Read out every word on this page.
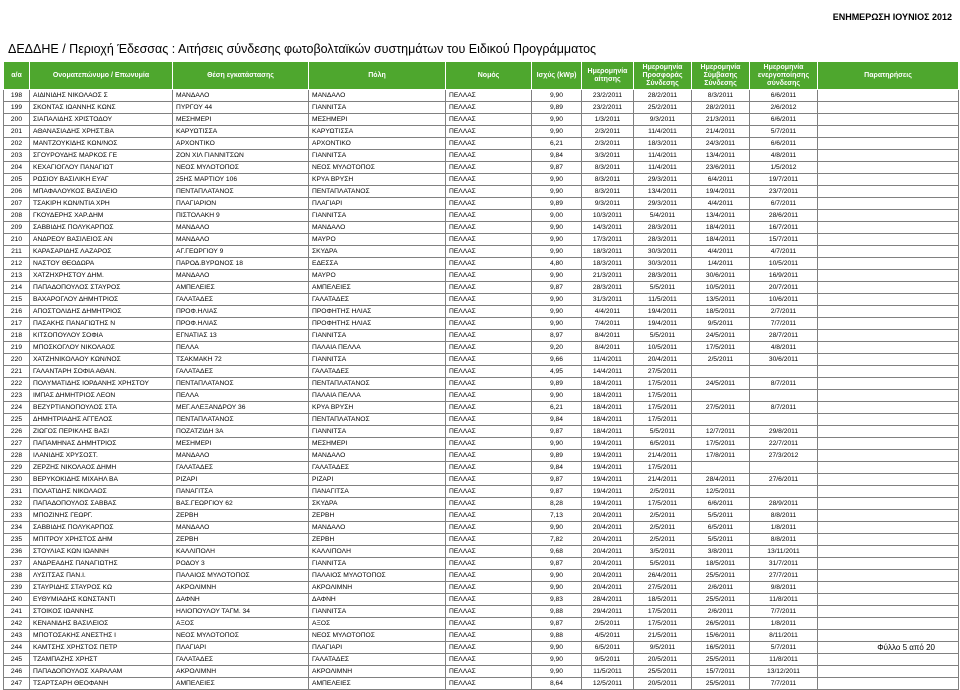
ΕΝΗΜΕΡΩΣΗ ΙΟΥΝΙΟΣ 2012
ΔΕΔΔΗΕ / Περιοχή Έδεσσας : Αιτήσεις σύνδεσης φωτοβολταϊκών συστημάτων του Ειδικού Προγράμματος
α/α	Ονοματεπώνυμο / Επωνυμία	Θέση εγκατάστασης	Πόλη	Νομός	Ισχύς (kWp)	Ημερομηνία αίτησης	Ημερομηνία Προσφοράς Σύνδεσης	Ημερομηνία Σύμβασης Σύνδεσης	Ημερομηνία ενεργοποίησης σύνδεσης	Παρατηρήσεις
198	ΑΙΔΙΝΙΔΗΣ ΝΙΚΟΛΑΟΣ Σ	ΜΑΝΔΑΛΟ	ΜΑΝΔΑΛΟ	ΠΕΛΛΑΣ	9,90	23/2/2011	28/2/2011	8/3/2011	6/6/2011	
199	ΣΚΟΝΤΑΣ ΙΩΑΝΝΗΣ ΚΩΝΣ	ΠΥΡΓΟΥ 44	ΓΙΑΝΝΙΤΣΑ	ΠΕΛΛΑΣ	9,89	23/2/2011	25/2/2011	28/2/2011	2/6/2012	
200	ΣΙΑΠΑΛΙΔΗΣ ΧΡΙΣΤΟΔΟΥ	ΜΕΣΗΜΕΡΙ	ΜΕΣΗΜΕΡΙ	ΠΕΛΛΑΣ	9,90	1/3/2011	9/3/2011	21/3/2011	6/6/2011	
201	ΑΘΑΝΑΣΙΑΔΗΣ ΧΡΗΣΤ.ΒΑ	ΚΑΡΥΩΤΙΣΣΑ	ΚΑΡΥΩΤΙΣΣΑ	ΠΕΛΛΑΣ	9,90	2/3/2011	11/4/2011	21/4/2011	5/7/2011	
202	ΜΑΝΤΖΟΥΚΙΔΗΣ ΚΩΝ/ΝΟΣ	ΑΡΧΟΝΤΙΚΟ	ΑΡΧΟΝΤΙΚΟ	ΠΕΛΛΑΣ	6,21	2/3/2011	18/3/2011	24/3/2011	6/6/2011	
203	ΣΓΟΥΡΟΥΔΗΣ ΜΑΡΚΟΣ ΓΕ	ΖΟΝ ΧΙΛ ΓΙΑΝΝΙΤΣΩΝ	ΓΙΑΝΝΙΤΣΑ	ΠΕΛΛΑΣ	9,84	3/3/2011	11/4/2011	13/4/2011	4/8/2011	
204	ΚΕΧΑΓΙΟΓΛΟΥ ΠΑΝΑΓΙΩΤ	ΝΕΟΣ ΜΥΛΟΤΟΠΟΣ	ΝΕΟΣ ΜΥΛΟΤΟΠΟΣ	ΠΕΛΛΑΣ	9,87	8/3/2011	11/4/2011	23/6/2011	1/5/2012	
205	ΡΩΣΙΟΥ ΒΑΣΙΛΙΚΗ ΕΥΑΓ	25ΗΣ ΜΑΡΤΙΟΥ 106	ΚΡΥΑ ΒΡΥΣΗ	ΠΕΛΛΑΣ	9,90	8/3/2011	29/3/2011	6/4/2011	19/7/2011	
206	ΜΠΑΦΑΛΟΥΚΟΣ ΒΑΣΙΛΕΙΟ	ΠΕΝΤΑΠΛΑΤΑΝΟΣ	ΠΕΝΤΑΠΛΑΤΑΝΟΣ	ΠΕΛΛΑΣ	9,90	8/3/2011	13/4/2011	19/4/2011	23/7/2011	
207	ΤΣΑΚΙΡΗ ΚΩΝ/ΝΤΙΑ ΧΡΗ	ΠΛΑΓΙΑΡΙΟΝ	ΠΛΑΓΙΑΡΙ	ΠΕΛΛΑΣ	9,89	9/3/2011	29/3/2011	4/4/2011	6/7/2011	
208	ΓΚΟΥΔΕΡΗΣ ΧΑΡ.ΔΗΜ	ΠΙΣΤΟΛΑΚΗ 9	ΓΙΑΝΝΙΤΣΑ	ΠΕΛΛΑΣ	9,00	10/3/2011	5/4/2011	13/4/2011	28/6/2011	
209	ΣΑΒΒΙΔΗΣ ΠΟΛΥΚΑΡΠΟΣ	ΜΑΝΔΑΛΟ	ΜΑΝΔΑΛΟ	ΠΕΛΛΑΣ	9,90	14/3/2011	28/3/2011	18/4/2011	16/7/2011	
210	ΑΝΔΡΕΟΥ ΒΑΣΙΛΕΙΟΣ ΑΝ	ΜΑΝΔΑΛΟ	ΜΑΥΡΟ	ΠΕΛΛΑΣ	9,90	17/3/2011	28/3/2011	18/4/2011	15/7/2011	
211	ΚΑΡΑΣΑΡΙΔΗΣ ΛΑΖΑΡΟΣ	ΑΓ.ΓΕΩΡΓΙΟΥ 9	ΣΚΥΔΡΑ	ΠΕΛΛΑΣ	9,90	18/3/2011	30/3/2011	4/4/2011	4/7/2011	
212	ΝΑΣΤΟΥ ΘΕΟΔΩΡΑ	ΠΑΡΟΔ.ΒΥΡΩΝΟΣ 18	ΕΔΕΣΣΑ	ΠΕΛΛΑΣ	4,80	18/3/2011	30/3/2011	1/4/2011	10/5/2011	
213	ΧΑΤΖΗΧΡΗΣΤΟΥ ΔΗΜ.	ΜΑΝΔΑΛΟ	ΜΑΥΡΟ	ΠΕΛΛΑΣ	9,90	21/3/2011	28/3/2011	30/6/2011	16/9/2011	
214	ΠΑΠΑΔΟΠΟΥΛΟΣ ΣΤΑΥΡΟΣ	ΑΜΠΕΛΕΙΕΣ	ΑΜΠΕΛΕΙΕΣ	ΠΕΛΛΑΣ	9,87	28/3/2011	5/5/2011	10/5/2011	20/7/2011	
215	ΒΑΧΑΡΟΓΛΟΥ ΔΗΜΗΤΡΙΟΣ	ΓΑΛΑΤΑΔΕΣ	ΓΑΛΑΤΑΔΕΣ	ΠΕΛΛΑΣ	9,90	31/3/2011	11/5/2011	13/5/2011	10/6/2011	
216	ΑΠΟΣΤΟΛΙΔΗΣ ΔΗΜΗΤΡΙΟΣ	ΠΡΟΦ.ΗΛΙΑΣ	ΠΡΟΦΗΤΗΣ ΗΛΙΑΣ	ΠΕΛΛΑΣ	9,90	4/4/2011	19/4/2011	18/5/2011	2/7/2011	
217	ΠΑΣΑΚΗΣ ΠΑΝΑΓΙΩΤΗΣ Ν	ΠΡΟΦ.ΗΛΙΑΣ	ΠΡΟΦΗΤΗΣ ΗΛΙΑΣ	ΠΕΛΛΑΣ	9,90	7/4/2011	19/4/2011	9/5/2011	7/7/2011	
218	ΚΙΤΣΟΠΟΥΛΟΥ ΣΟΦΙΑ	ΕΓΝΑΤΙΑΣ 13	ΓΙΑΝΝΙΤΣΑ	ΠΕΛΛΑΣ	8,97	8/4/2011	5/5/2011	24/5/2011	28/7/2011	
219	ΜΠΟΣΚΟΓΛΟΥ ΝΙΚΟΛΑΟΣ	ΠΕΛΛΑ	ΠΑΛΑΙΑ ΠΕΛΛΑ	ΠΕΛΛΑΣ	9,20	8/4/2011	10/5/2011	17/5/2011	4/8/2011	
220	ΧΑΤΖΗΝΙΚΟΛΑΟΥ ΚΩΝ/ΝΟΣ	ΤΣΑΚΜΑΚΗ 72	ΓΙΑΝΝΙΤΣΑ	ΠΕΛΛΑΣ	9,66	11/4/2011	20/4/2011	2/5/2011	30/6/2011	
221	ΓΑΛΑΝΤΑΡΗ ΣΟΦΙΑ ΑΘΑΝ.	ΓΑΛΑΤΑΔΕΣ	ΓΑΛΑΤΑΔΕΣ	ΠΕΛΛΑΣ	4,95	14/4/2011	27/5/2011			
222	ΠΟΛΥΜΑΤΙΔΗΣ ΙΟΡΔΑΝΗΣ ΧΡΗΣΤΟΥ	ΠΕΝΤΑΠΛΑΤΑΝΟΣ	ΠΕΝΤΑΠΛΑΤΑΝΟΣ	ΠΕΛΛΑΣ	9,89	18/4/2011	17/5/2011	24/5/2011	8/7/2011	
223	ΙΜΠΑΣ ΔΗΜΗΤΡΙΟΣ ΛΕΟΝ	ΠΕΛΛΑ	ΠΑΛΑΙΑ ΠΕΛΛΑ	ΠΕΛΛΑΣ	9,90	18/4/2011	17/5/2011			
224	ΒΕΖΥΡΤΙΑΝΟΠΟΥΛΟΣ ΣΤΑ	ΜΕΓ.ΑΛΕΞΑΝΔΡΟΥ 36	ΚΡΥΑ ΒΡΥΣΗ	ΠΕΛΛΑΣ	6,21	18/4/2011	17/5/2011	27/5/2011	8/7/2011	
225	ΔΗΜΗΤΡΙΑΔΗΣ ΑΓΓΕΛΟΣ	ΠΕΝΤΑΠΛΑΤΑΝΟΣ	ΠΕΝΤΑΠΛΑΤΑΝΟΣ	ΠΕΛΛΑΣ	9,84	18/4/2011	17/5/2011			
226	ΖΙΩΓΟΣ ΠΕΡΙΚΛΗΣ ΒΑΣΙ	ΠΟΖΑΤΖΙΔΗ 3Α	ΓΙΑΝΝΙΤΣΑ	ΠΕΛΛΑΣ	9,87	18/4/2011	5/5/2011	12/7/2011	29/8/2011	
227	ΠΑΠΑΜΗΝΑΣ ΔΗΜΗΤΡΙΟΣ	ΜΕΣΗΜΕΡΙ	ΜΕΣΗΜΕΡΙ	ΠΕΛΛΑΣ	9,90	19/4/2011	6/5/2011	17/5/2011	22/7/2011	
228	ΙΛΑΝΙΔΗΣ ΧΡΥΣΟΣΤ.	ΜΑΝΔΑΛΟ	ΜΑΝΔΑΛΟ	ΠΕΛΛΑΣ	9,89	19/4/2011	21/4/2011	17/8/2011	27/3/2012	
229	ΖΕΡΖΗΣ ΝΙΚΟΛΑΟΣ ΔΗΜΗ	ΓΑΛΑΤΑΔΕΣ	ΓΑΛΑΤΑΔΕΣ	ΠΕΛΛΑΣ	9,84	19/4/2011	17/5/2011			
230	ΒΕΡΥΚΟΚΙΔΗΣ ΜΙΧΑΗΛ ΒΑ	ΡΙΖΑΡΙ	ΡΙΖΑΡΙ	ΠΕΛΛΑΣ	9,87	19/4/2011	21/4/2011	28/4/2011	27/6/2011	
231	ΠΟΛΑΤΙΔΗΣ ΝΙΚΟΛΑΟΣ	ΠΑΝΑΓΙΤΣΑ	ΠΑΝΑΓΙΤΣΑ	ΠΕΛΛΑΣ	9,87	19/4/2011	2/5/2011	12/5/2011		
232	ΠΑΠΑΔΟΠΟΥΛΟΣ ΣΑΒΒΑΣ	ΒΑΣ.ΓΕΩΡΓΙΟΥ 62	ΣΚΥΔΡΑ	ΠΕΛΛΑΣ	8,28	19/4/2011	17/5/2011	6/6/2011	28/9/2011	
233	ΜΠΟΖΙΝΗΣ ΓΕΩΡΓ.	ΖΕΡΒΗ	ΖΕΡΒΗ	ΠΕΛΛΑΣ	7,13	20/4/2011	2/5/2011	5/5/2011	8/8/2011	
234	ΣΑΒΒΙΔΗΣ ΠΟΛΥΚΑΡΠΟΣ	ΜΑΝΔΑΛΟ	ΜΑΝΔΑΛΟ	ΠΕΛΛΑΣ	9,90	20/4/2011	2/5/2011	6/5/2011	1/8/2011	
235	ΜΠΙΤΡΟΥ ΧΡΗΣΤΟΣ ΔΗΜ	ΖΕΡΒΗ	ΖΕΡΒΗ	ΠΕΛΛΑΣ	7,82	20/4/2011	2/5/2011	5/5/2011	8/8/2011	
236	ΣΤΟΥΛΙΑΣ ΚΩΝ ΙΩΑΝΝΗ	ΚΑΛΛΙΠΟΛΗ	ΚΑΛΛΙΠΟΛΗ	ΠΕΛΛΑΣ	9,68	20/4/2011	3/5/2011	3/8/2011	13/11/2011	
237	ΑΝΔΡΕΑΔΗΣ ΠΑΝΑΓΙΩΤΗΣ	ΡΟΔΟΥ 3	ΓΙΑΝΝΙΤΣΑ	ΠΕΛΛΑΣ	9,87	20/4/2011	5/5/2011	18/5/2011	31/7/2011	
238	ΛΥΣΙΤΣΑΣ ΠΑΝ.Ι.	ΠΑΛΑΙΟΣ ΜΥΛΟΤΟΠΟΣ	ΠΑΛΑΙΟΣ ΜΥΛΟΤΟΠΟΣ	ΠΕΛΛΑΣ	9,90	20/4/2011	26/4/2011	25/5/2011	27/7/2011	
239	ΣΤΑΥΡΙΔΗΣ ΣΤΑΥΡΟΣ ΚΩ	ΑΚΡΟΛΙΜΝΗ	ΑΚΡΟΛΙΜΝΗ	ΠΕΛΛΑΣ	9,90	20/4/2011	27/5/2011	2/6/2011	9/8/2011	
240	ΕΥΘΥΜΙΑΔΗΣ ΚΩΝΣΤΑΝΤΙ	ΔΑΦΝΗ	ΔΑΦΝΗ	ΠΕΛΛΑΣ	9,83	28/4/2011	18/5/2011	25/5/2011	11/8/2011	
241	ΣΤΟΙΚΟΣ ΙΩΑΝΝΗΣ	ΗΛΙΟΠΟΥΛΟΥ ΤΑΓΜ. 34	ΓΙΑΝΝΙΤΣΑ	ΠΕΛΛΑΣ	9,88	29/4/2011	17/5/2011	2/6/2011	7/7/2011	
242	ΚΕΝΑΝΙΔΗΣ ΒΑΣΙΛΕΙΟΣ	ΑΞΟΣ	ΑΞΟΣ	ΠΕΛΛΑΣ	9,87	2/5/2011	17/5/2011	26/5/2011	1/8/2011	
243	ΜΠΟΤΟΣΑΚΗΣ ΑΝΕΣΤΗΣ Ι	ΝΕΟΣ ΜΥΛΟΤΟΠΟΣ	ΝΕΟΣ ΜΥΛΟΤΟΠΟΣ	ΠΕΛΛΑΣ	9,88	4/5/2011	21/5/2011	15/6/2011	8/11/2011	
244	ΚΑΜΤΣΗΣ ΧΡΗΣΤΟΣ ΠΕΤΡ	ΠΛΑΓΙΑΡΙ	ΠΛΑΓΙΑΡΙ	ΠΕΛΛΑΣ	9,90	6/5/2011	9/5/2011	16/5/2011	5/7/2011	
245	ΤΖΑΜΠΑΖΗΣ ΧΡΗΣΤ	ΓΑΛΑΤΑΔΕΣ	ΓΑΛΑΤΑΔΕΣ	ΠΕΛΛΑΣ	9,90	9/5/2011	20/5/2011	25/5/2011	11/8/2011	
246	ΠΑΠΑΔΟΠΟΥΛΟΣ ΧΑΡΑΛΑΜ	ΑΚΡΟΛΙΜΝΗ	ΑΚΡΟΛΙΜΝΗ	ΠΕΛΛΑΣ	9,90	11/5/2011	25/5/2011	15/7/2011	13/12/2011	
247	ΤΣΑΡΤΣΑΡΗ ΘΕΟΦΑΝΗ	ΑΜΠΕΛΕΙΕΣ	ΑΜΠΕΛΕΙΕΣ	ΠΕΛΛΑΣ	8,64	12/5/2011	20/5/2011	25/5/2011	7/7/2011	
Φύλλο 5 από 20
